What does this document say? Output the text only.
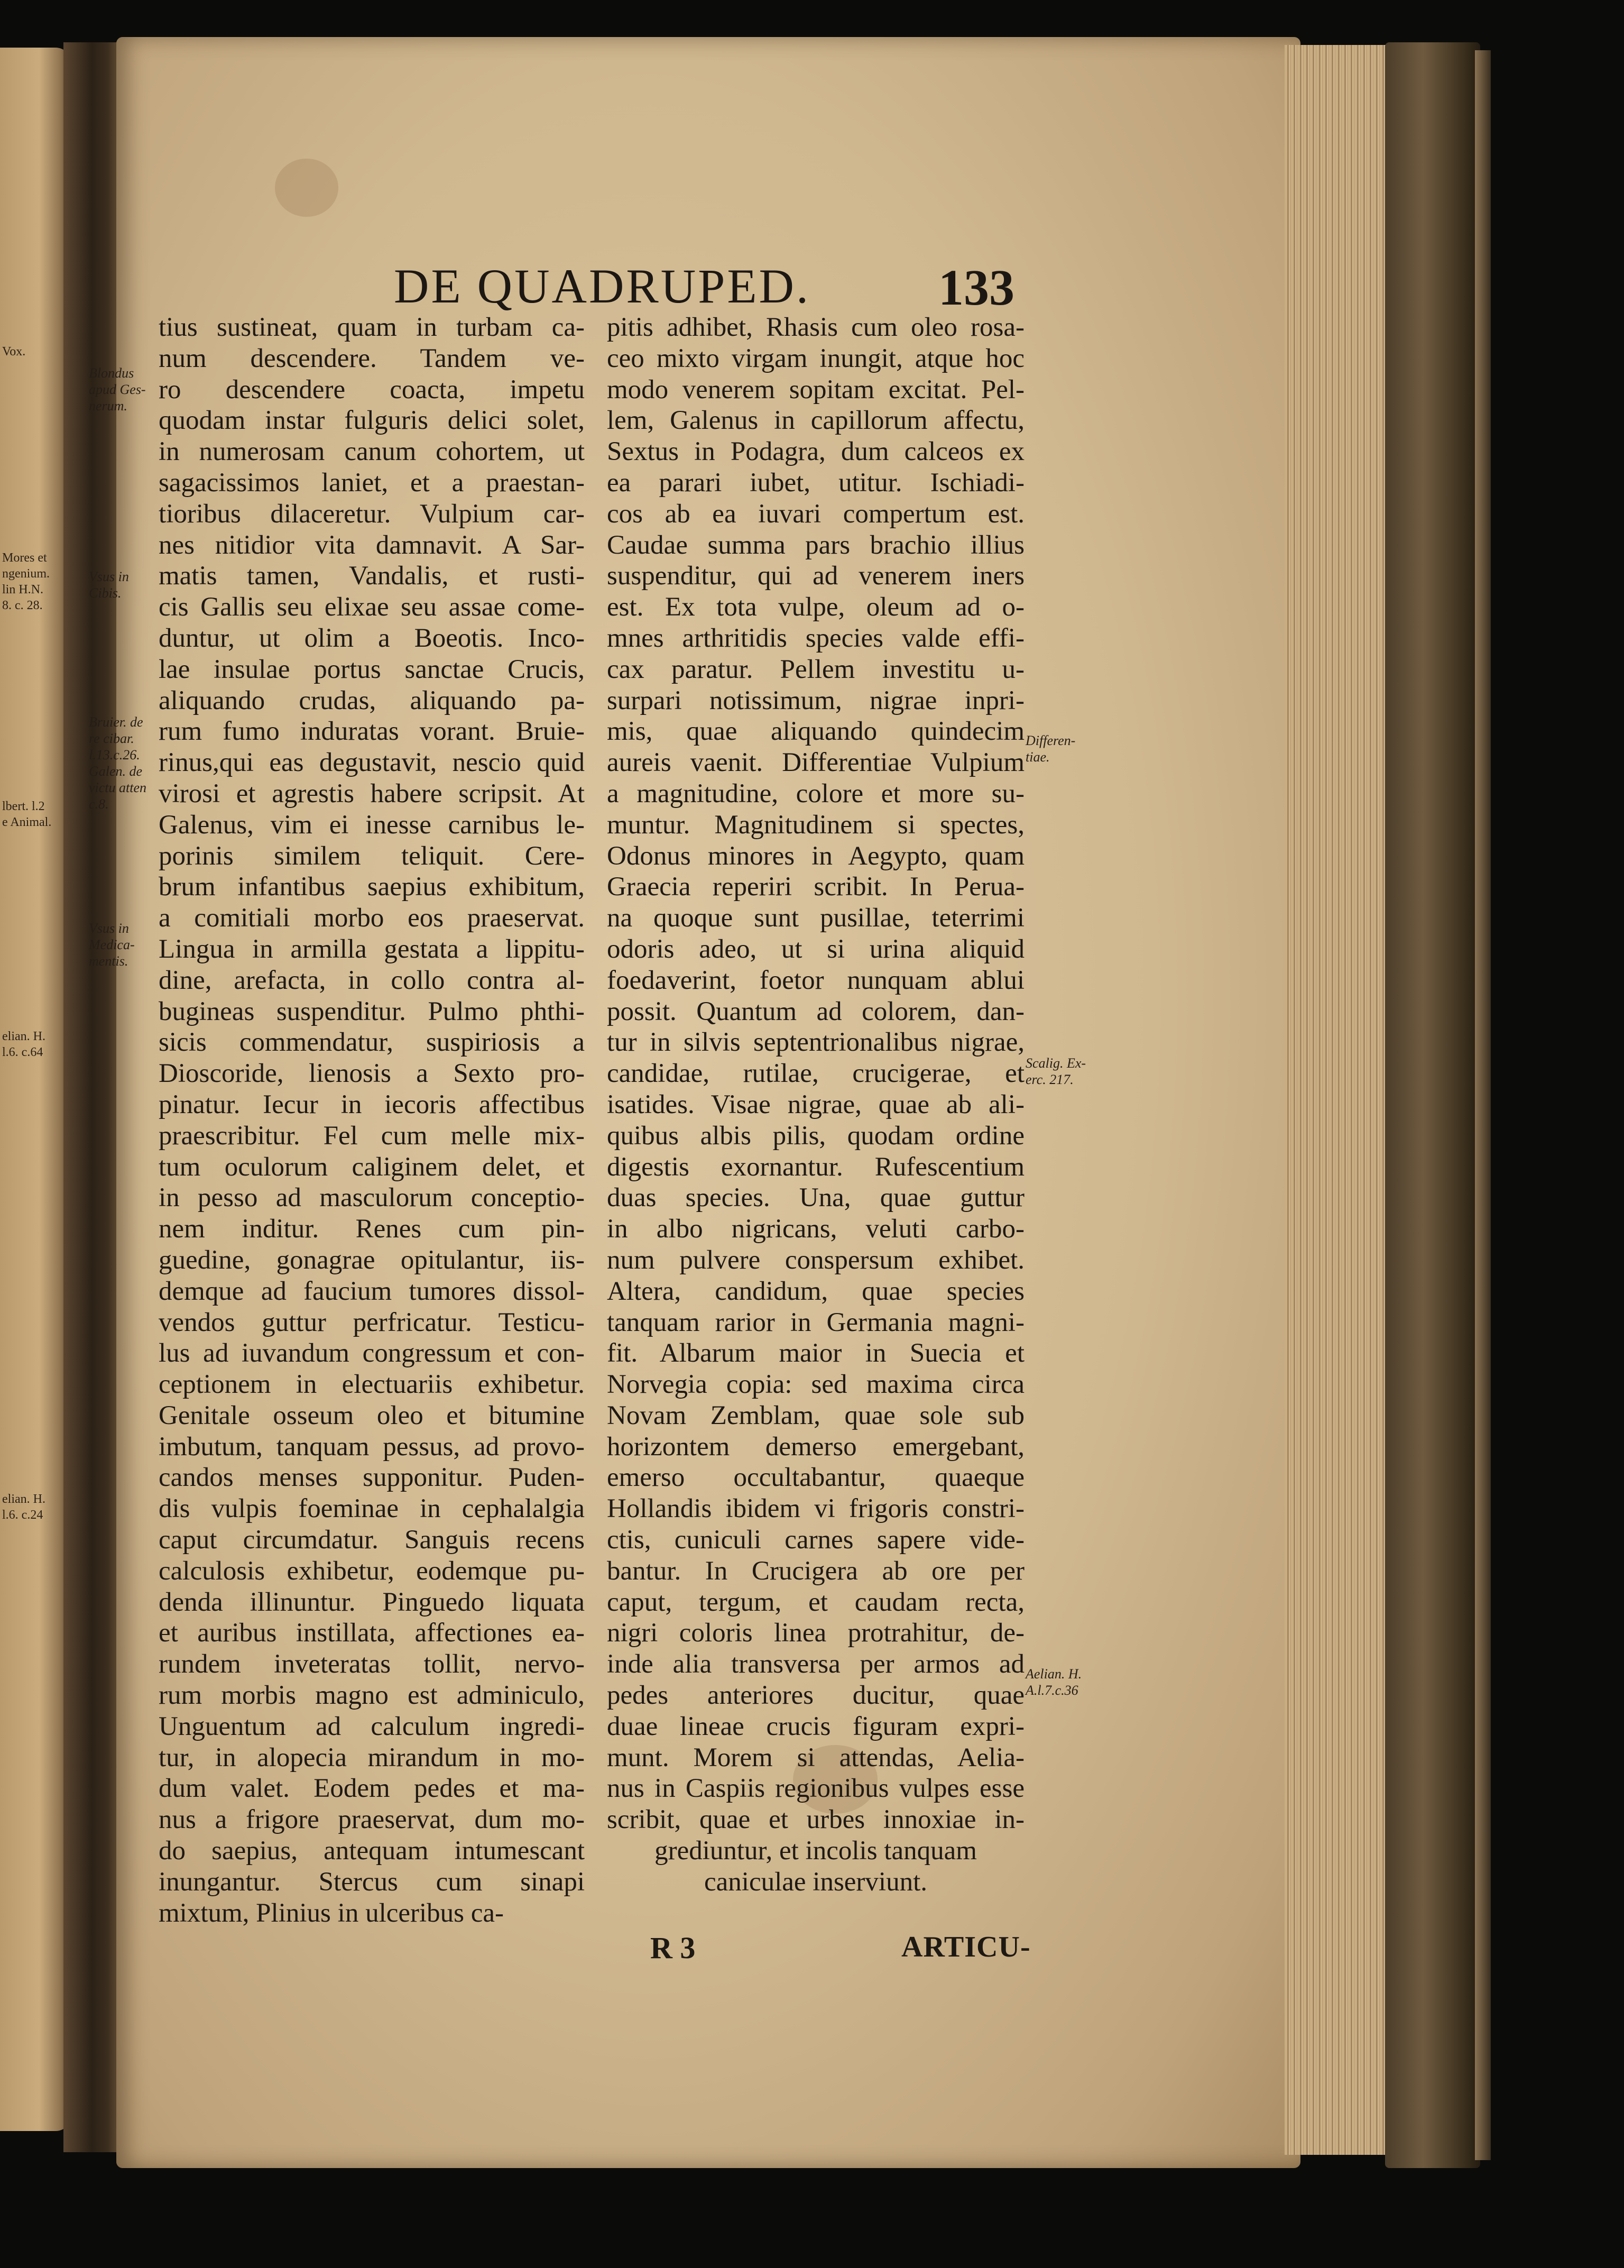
Vox.
Mores et
ngenium.
lin H.N.
8. c. 28.
lbert. l.2
e Animal.
elian. H.
l.6. c.64
elian. H.
l.6. c.24
DE QUADRUPED.	133
tius sustineat, quam in turbam ca-
num descendere. Tandem ve-
ro descendere coacta, impetu
quodam instar fulguris delici solet,
in numerosam canum cohortem, ut
sagacissimos laniet, et a praestan-
tioribus dilaceretur. Vulpium car-
nes nitidior vita damnavit. A Sar-
matis tamen, Vandalis, et rusti-
cis Gallis seu elixae seu assae come-
duntur, ut olim a Boeotis. Inco-
lae insulae portus sanctae Crucis,
aliquando crudas, aliquando pa-
rum fumo induratas vorant. Bruie-
rinus,qui eas degustavit, nescio quid
virosi et agrestis habere scripsit. At
Galenus, vim ei inesse carnibus le-
porinis similem teliquit. Cere-
brum infantibus saepius exhibitum,
a comitiali morbo eos praeservat.
Lingua in armilla gestata a lippitu-
dine, arefacta, in collo contra al-
bugineas suspenditur. Pulmo phthi-
sicis commendatur, suspiriosis a
Dioscoride, lienosis a Sexto pro-
pinatur. Iecur in iecoris affectibus
praescribitur. Fel cum melle mix-
tum oculorum caliginem delet, et
in pesso ad masculorum conceptio-
nem inditur. Renes cum pin-
guedine, gonagrae opitulantur, iis-
demque ad faucium tumores dissol-
vendos guttur perfricatur. Testicu-
lus ad iuvandum congressum et con-
ceptionem in electuariis exhibetur.
Genitale osseum oleo et bitumine
imbutum, tanquam pessus, ad provo-
candos menses supponitur. Puden-
dis vulpis foeminae in cephalalgia
caput circumdatur. Sanguis recens
calculosis exhibetur, eodemque pu-
denda illinuntur. Pinguedo liquata
et auribus instillata, affectiones ea-
rundem inveteratas tollit, nervo-
rum morbis magno est adminiculo,
Unguentum ad calculum ingredi-
tur, in alopecia mirandum in mo-
dum valet. Eodem pedes et ma-
nus a frigore praeservat, dum mo-
do saepius, antequam intumescant
inungantur. Stercus cum sinapi
mixtum, Plinius in ulceribus ca-
pitis adhibet, Rhasis cum oleo rosa-
ceo mixto virgam inungit, atque hoc
modo venerem sopitam excitat. Pel-
lem, Galenus in capillorum affectu,
Sextus in Podagra, dum calceos ex
ea parari iubet, utitur. Ischiadi-
cos ab ea iuvari compertum est.
Caudae summa pars brachio illius
suspenditur, qui ad venerem iners
est. Ex tota vulpe, oleum ad o-
mnes arthritidis species valde effi-
cax paratur. Pellem investitu u-
surpari notissimum, nigrae inpri-
mis, quae aliquando quindecim
aureis vaenit. Differentiae Vulpium
a magnitudine, colore et more su-
muntur. Magnitudinem si spectes,
Odonus minores in Aegypto, quam
Graecia reperiri scribit. In Perua-
na quoque sunt pusillae, teterrimi
odoris adeo, ut si urina aliquid
foedaverint, foetor nunquam ablui
possit. Quantum ad colorem, dan-
tur in silvis septentrionalibus nigrae,
candidae, rutilae, crucigerae, et
isatides. Visae nigrae, quae ab ali-
quibus albis pilis, quodam ordine
digestis exornantur. Rufescentium
duas species. Una, quae guttur
in albo nigricans, veluti carbo-
num pulvere conspersum exhibet.
Altera, candidum, quae species
tanquam rarior in Germania magni-
fit. Albarum maior in Suecia et
Norvegia copia: sed maxima circa
Novam Zemblam, quae sole sub
horizontem demerso emergebant,
emerso occultabantur, quaeque
Hollandis ibidem vi frigoris constri-
ctis, cuniculi carnes sapere vide-
bantur. In Crucigera ab ore per
caput, tergum, et caudam recta,
nigri coloris linea protrahitur, de-
inde alia transversa per armos ad
pedes anteriores ducitur, quae
duae lineae crucis figuram expri-
munt. Morem si attendas, Aelia-
nus in Caspiis regionibus vulpes esse
scribit, quae et urbes innoxiae in-
grediuntur, et incolis tanquam
caniculae inserviunt.
Blondus
apud Ges-
nerum.
Vsus in
Cibis.
Bruier. de
re cibar.
l.13.c.26.
Galen. de
victu atten
c.8.
Vsus in
Medica-
mentis.
Differen-
tiae.
Scalig. Ex-
erc. 217.
Aelian. H.
A.l.7.c.36
R 3	ARTICU-
